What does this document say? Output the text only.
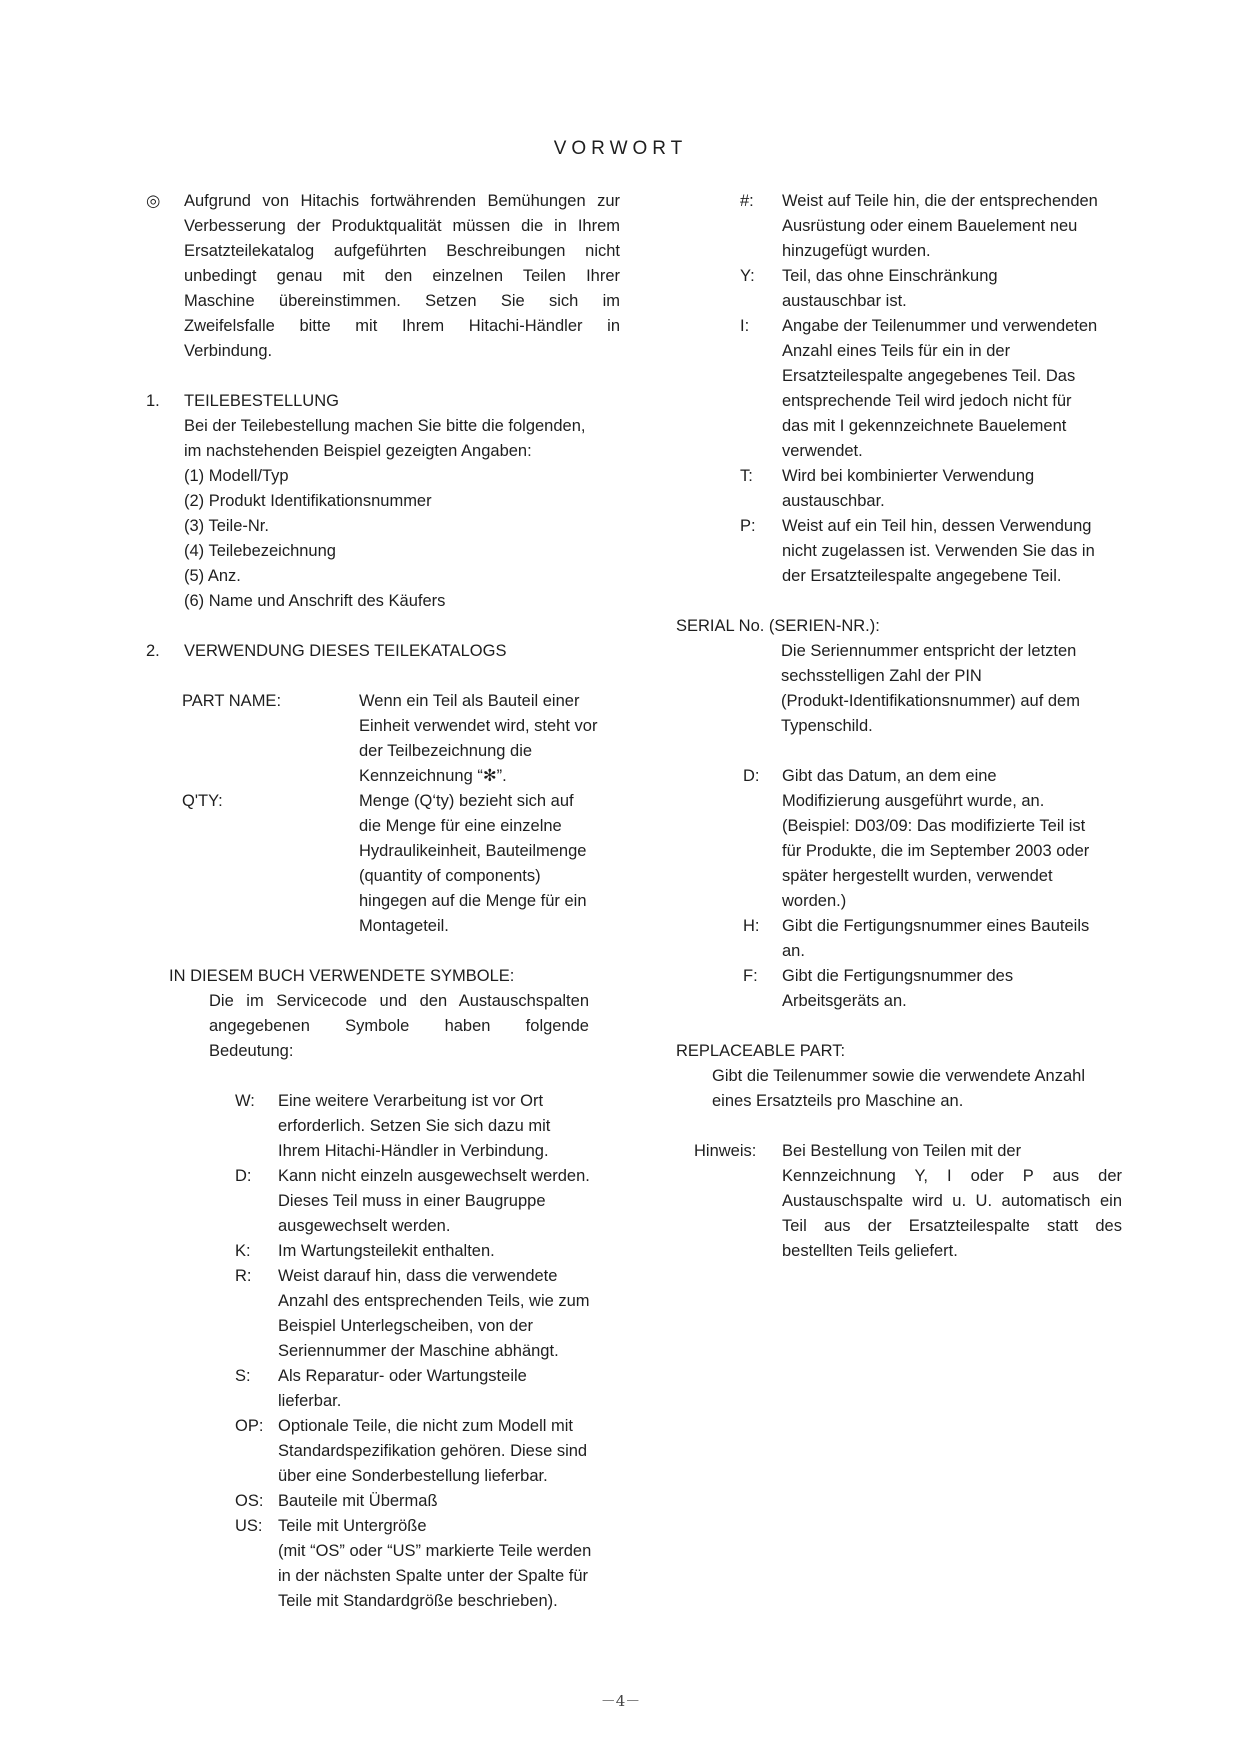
VORWORT
◎	Aufgrund von Hitachis fortwährenden Bemühungen zur
Verbesserung der Produktqualität müssen die in Ihrem
Ersatzteilekatalog aufgeführten Beschreibungen nicht
unbedingt genau mit den einzelnen Teilen Ihrer
Maschine übereinstimmen. Setzen Sie sich im
Zweifelsfalle bitte mit Ihrem Hitachi-Händler in
Verbindung.
1.	TEILEBESTELLUNG
Bei der Teilebestellung machen Sie bitte die folgenden,
im nachstehenden Beispiel gezeigten Angaben:
(1) Modell/Typ
(2) Produkt Identifikationsnummer
(3) Teile-Nr.
(4) Teilebezeichnung
(5) Anz.
(6) Name und Anschrift des Käufers
2.	VERWENDUNG DIESES TEILEKATALOGS
PART NAME:	Wenn ein Teil als Bauteil einer
Einheit verwendet wird, steht vor
der Teilbezeichnung die
Kennzeichnung “✻”.
Q'TY:	Menge (Q‘ty) bezieht sich auf
die Menge für eine einzelne
Hydraulikeinheit, Bauteilmenge
(quantity of components)
hingegen auf die Menge für ein
Montageteil.
IN DIESEM BUCH VERWENDETE SYMBOLE:
Die im Servicecode und den Austauschspalten
angegebenen Symbole haben folgende
Bedeutung:
W:	Eine weitere Verarbeitung ist vor Ort
erforderlich. Setzen Sie sich dazu mit
Ihrem Hitachi-Händler in Verbindung.
D:	Kann nicht einzeln ausgewechselt werden.
Dieses Teil muss in einer Baugruppe
ausgewechselt werden.
K:	Im Wartungsteilekit enthalten.
R:	Weist darauf hin, dass die verwendete
Anzahl des entsprechenden Teils, wie zum
Beispiel Unterlegscheiben, von der
Seriennummer der Maschine abhängt.
S:	Als Reparatur- oder Wartungsteile
lieferbar.
OP: Optionale Teile, die nicht zum Modell mit
Standardspezifikation gehören. Diese sind
über eine Sonderbestellung lieferbar.
OS: Bauteile mit Übermaß
US: Teile mit Untergröße
(mit “OS” oder “US” markierte Teile werden
in der nächsten Spalte unter der Spalte für
Teile mit Standardgröße beschrieben).
#:	Weist auf Teile hin, die der entsprechenden
Ausrüstung oder einem Bauelement neu
hinzugefügt wurden.
Y:	Teil, das ohne Einschränkung
austauschbar ist.
I:	Angabe der Teilenummer und verwendeten
Anzahl eines Teils für ein in der
Ersatzteilespalte angegebenes Teil. Das
entsprechende Teil wird jedoch nicht für
das mit I gekennzeichnete Bauelement
verwendet.
T:	Wird bei kombinierter Verwendung
austauschbar.
P:	Weist auf ein Teil hin, dessen Verwendung
nicht zugelassen ist. Verwenden Sie das in
der Ersatzteilespalte angegebene Teil.
SERIAL No. (SERIEN-NR.):
Die Seriennummer entspricht der letzten
sechsstelligen Zahl der PIN
(Produkt-Identifikationsnummer) auf dem
Typenschild.
D:	Gibt das Datum, an dem eine
Modifizierung ausgeführt wurde, an.
(Beispiel: D03/09: Das modifizierte Teil ist
für Produkte, die im September 2003 oder
später hergestellt wurden, verwendet
worden.)
H:	Gibt die Fertigungsnummer eines Bauteils
an.
F:	Gibt die Fertigungsnummer des
Arbeitsgeräts an.
REPLACEABLE PART:
Gibt die Teilenummer sowie die verwendete Anzahl
eines Ersatzteils pro Maschine an.
Hinweis:	Bei Bestellung von Teilen mit der
Kennzeichnung Y, I oder P aus der
Austauschspalte wird u. U. automatisch ein
Teil aus der Ersatzteilespalte statt des
bestellten Teils geliefert.
－4－
